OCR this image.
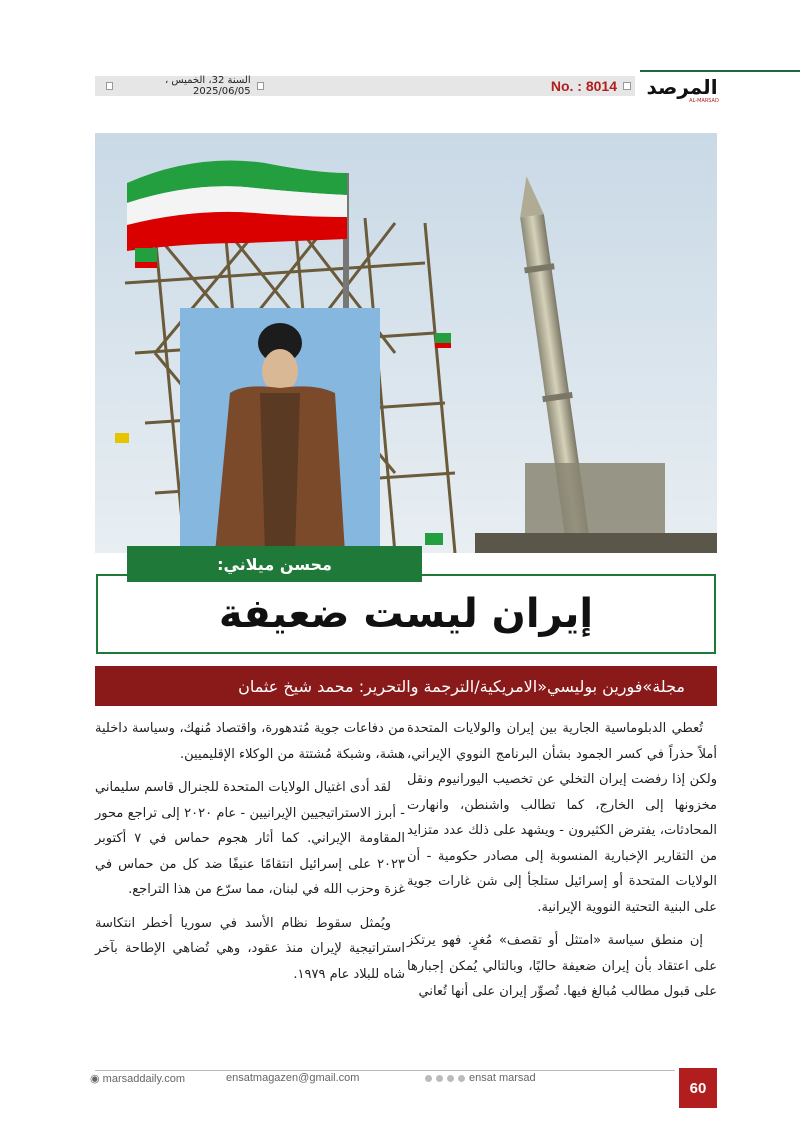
No. : 8014
السنة 32، الخميس ، 2025/06/05	المرصد
AL-MARSAD
إيران ليست ضعيفة
محسن ميلاني:
مجلة»فورين بوليسي«الامريكية/الترجمة والتحرير: محمد شيخ عثمان

تُعطي الدبلوماسية الجارية بين إيران والولايات المتحدة أملاً حذراً في كسر الجمود بشأن البرنامج النووي الإيراني، ولكن إذا رفضت إيران التخلي عن تخصيب اليورانيوم ونقل مخزونها إلى الخارج، كما تطالب واشنطن، وانهارت المحادثات، يفترض الكثيرون - ويشهد على ذلك عدد متزايد من التقارير الإخبارية المنسوبة إلى مصادر حكومية - أن الولايات المتحدة أو إسرائيل ستلجأ إلى شن غارات جوية على البنية التحتية النووية الإيرانية.

إن منطق سياسة «امتثل أو تقصف» مُغرٍ. فهو يرتكز على اعتقاد بأن إيران ضعيفة حاليًا، وبالتالي يُمكن إجبارها على قبول مطالب مُبالغ فيها. تُصوِّر إيران على أنها تُعاني

من دفاعات جوية مُتدهورة، واقتصاد مُنهك، وسياسة داخلية هشة، وشبكة مُشتتة من الوكلاء الإقليميين.

لقد أدى اغتيال الولايات المتحدة للجنرال قاسم سليماني - أبرز الاستراتيجيين الإيرانيين - عام ٢٠٢٠ إلى تراجع محور المقاومة الإيراني. كما أثار هجوم حماس في ٧ أكتوبر ٢٠٢٣ على إسرائيل انتقامًا عنيفًا ضد كل من حماس في غزة وحزب الله في لبنان، مما سرّع من هذا التراجع.

ويُمثل سقوط نظام الأسد في سوريا أخطر انتكاسة استراتيجية لإيران منذ عقود، وهي تُضاهي الإطاحة بآخر شاه للبلاد عام ١٩٧٩.

◉ marsaddaily.com	ensatmagazen@gmail.com	ensat marsad
60
